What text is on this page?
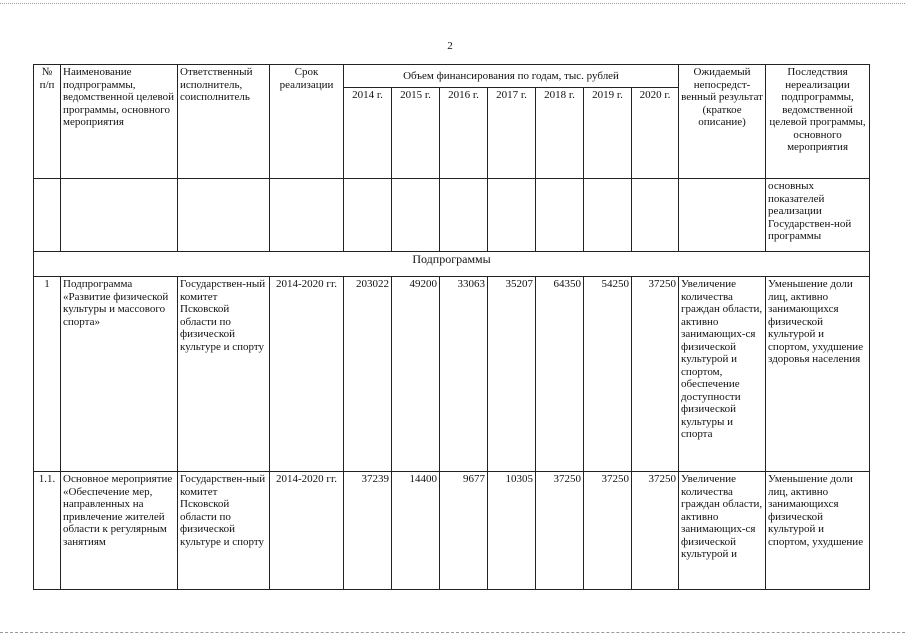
2
№
п/п	Наименование подпрограммы, ведомственной целевой программы, основного мероприятия	Ответственный исполнитель, соисполнитель	Срок реализации	Объем финансирования по годам, тыс. рублей							Ожидаемый непосредст-венный результат (краткое описание)	Последствия нереализации подпрограммы, ведомственной целевой программы, основного мероприятия
				2014 г.	2015 г.	2016 г.	2017 г.	2018 г.	2019 г.	2020 г.		
												основных показателей реализации Государствен-ной программы
Подпрограммы												
1	Подпрограмма «Развитие физической культуры и массового спорта»	Государствен-ный комитет Псковской области по физической культуре и спорту	2014-2020 гг.	203022	49200	33063	35207	64350	54250	37250	Увеличение количества граждан области, активно занимающих-ся физической культурой и спортом, обеспечение доступности физической культуры и спорта	Уменьшение доли лиц, активно занимающихся физической культурой и спортом, ухудшение здоровья населения
1.1.	Основное мероприятие «Обеспечение мер, направленных на привлечение жителей области к регулярным занятиям	Государствен-ный комитет Псковской области по физической культуре и спорту	2014-2020 гг.	37239	14400	9677	10305	37250	37250	37250	Увеличение количества граждан области, активно занимающих-ся физической культурой и	Уменьшение доли лиц, активно занимающихся физической культурой и спортом, ухудшение
